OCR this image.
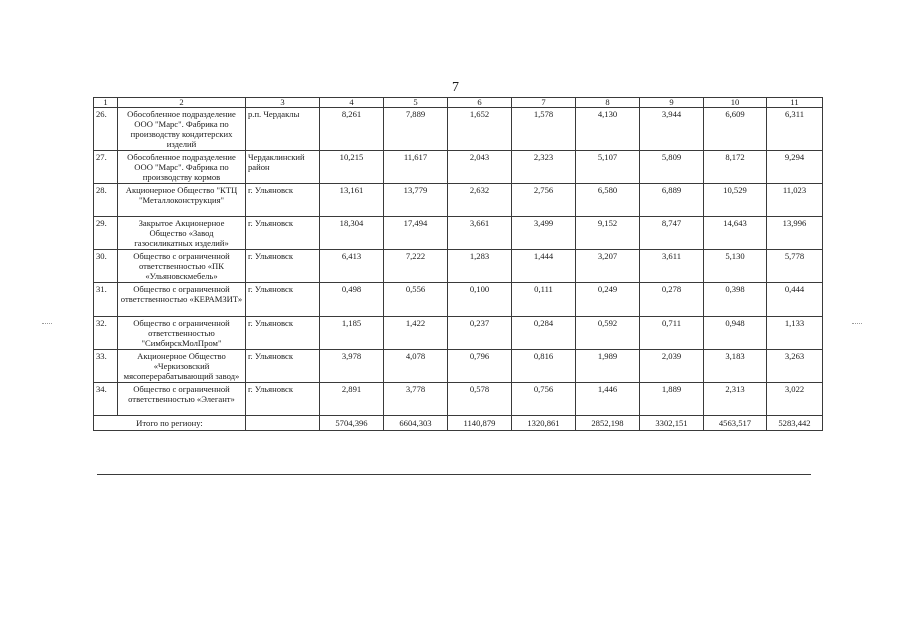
7
1	2	3	4	5	6	7	8	9	10	11
26.	Обособленное подразделение ООО "Марс". Фабрика по производству кондитерских изделий	р.п. Чердаклы	8,261	7,889	1,652	1,578	4,130	3,944	6,609	6,311
27.	Обособленное подразделение ООО "Марс". Фабрика по производству кормов	Чердаклинский район	10,215	11,617	2,043	2,323	5,107	5,809	8,172	9,294
28.	Акционерное Общество "КТЦ "Металлоконструкция"	г. Ульяновск	13,161	13,779	2,632	2,756	6,580	6,889	10,529	11,023
29.	Закрытое Акционерное Общество «Завод газосиликатных изделий»	г. Ульяновск	18,304	17,494	3,661	3,499	9,152	8,747	14,643	13,996
30.	Общество с ограниченной ответственностью «ПК «Ульяновскмебель»	г. Ульяновск	6,413	7,222	1,283	1,444	3,207	3,611	5,130	5,778
31.	Общество с ограниченной ответственностью «КЕРАМЗИТ»	г. Ульяновск	0,498	0,556	0,100	0,111	0,249	0,278	0,398	0,444
32.	Общество с ограниченной ответственностью "СимбирскМолПром"	г. Ульяновск	1,185	1,422	0,237	0,284	0,592	0,711	0,948	1,133
33.	Акционерное Общество «Черкизовский мясоперерабатывающий завод»	г. Ульяновск	3,978	4,078	0,796	0,816	1,989	2,039	3,183	3,263
34.	Общество с ограниченной ответственностью «Элегант»	г. Ульяновск	2,891	3,778	0,578	0,756	1,446	1,889	2,313	3,022
Итого по региону:			5704,396	6604,303	1140,879	1320,861	2852,198	3302,151	4563,517	5283,442
